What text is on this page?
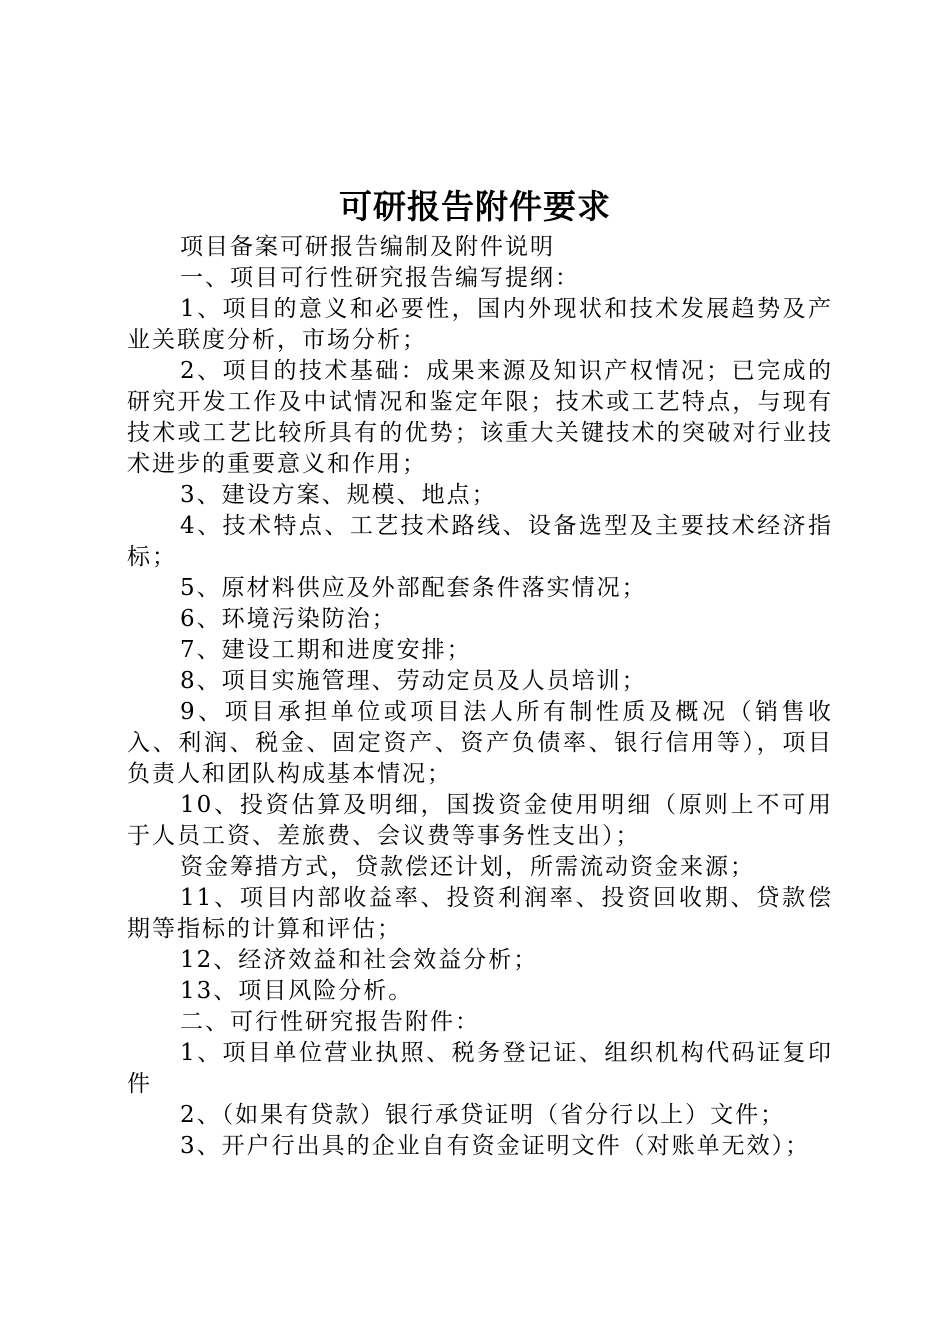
可研报告附件要求

项目备案可研报告编制及附件说明

一、项目可行性研究报告编写提纲：

1、项目的意义和必要性，国内外现状和技术发展趋势及产业关联度分析，市场分析；

2、项目的技术基础：成果来源及知识产权情况；已完成的研究开发工作及中试情况和鉴定年限；技术或工艺特点，与现有技术或工艺比较所具有的优势；该重大关键技术的突破对行业技术进步的重要意义和作用；

3、建设方案、规模、地点；

4、技术特点、工艺技术路线、设备选型及主要技术经济指标；

5、原材料供应及外部配套条件落实情况；

6、环境污染防治；

7、建设工期和进度安排；

8、项目实施管理、劳动定员及人员培训；

9、项目承担单位或项目法人所有制性质及概况（销售收入、利润、税金、固定资产、资产负债率、银行信用等），项目负责人和团队构成基本情况；

10、投资估算及明细，国拨资金使用明细（原则上不可用于人员工资、差旅费、会议费等事务性支出）；

资金筹措方式，贷款偿还计划，所需流动资金来源；

11、项目内部收益率、投资利润率、投资回收期、贷款偿期等指标的计算和评估；

12、经济效益和社会效益分析；

13、项目风险分析。

二、可行性研究报告附件：

1、项目单位营业执照、税务登记证、组织机构代码证复印件

2、（如果有贷款）银行承贷证明（省分行以上）文件；

3、开户行出具的企业自有资金证明文件（对账单无效）；
